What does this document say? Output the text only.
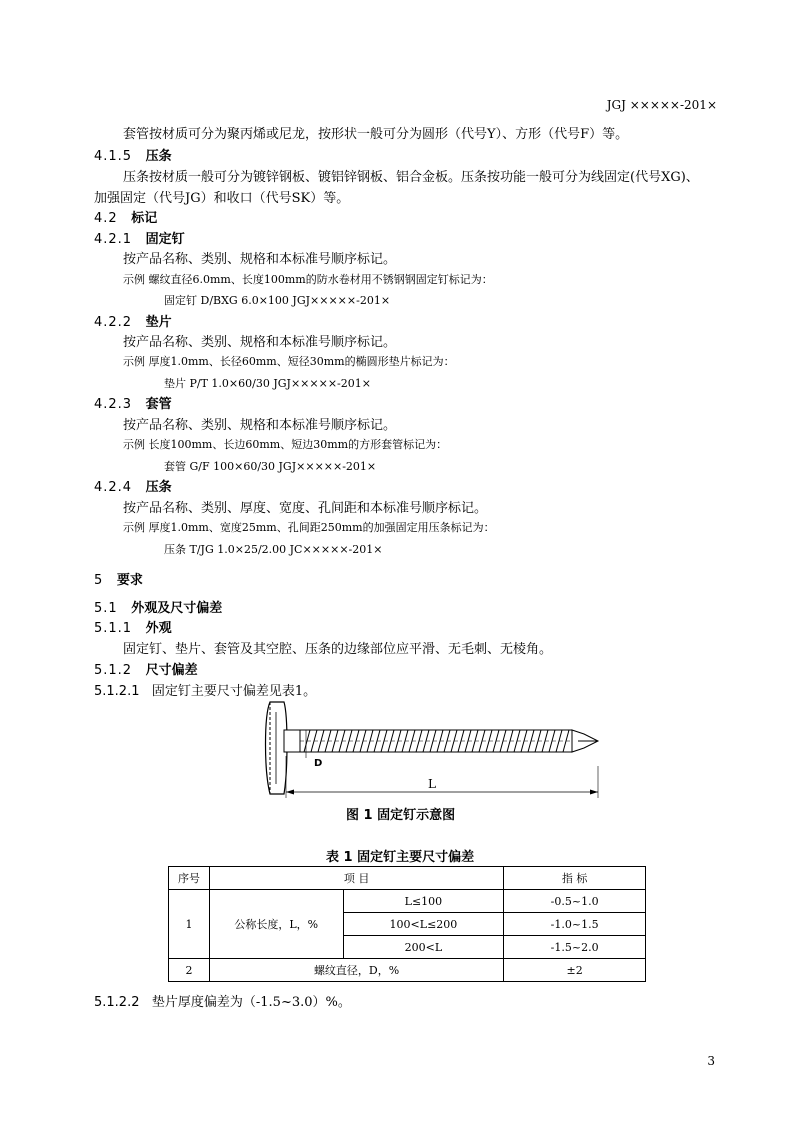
JGJ ×××××-201×
套管按材质可分为聚丙烯或尼龙，按形状一般可分为圆形（代号Y）、方形（代号F）等。
4.1.5 压条
压条按材质一般可分为镀锌钢板、镀铝锌钢板、铝合金板。压条按功能一般可分为线固定(代号XG)、
加强固定（代号JG）和收口（代号SK）等。
4.2 标记
4.2.1 固定钉
按产品名称、类别、规格和本标准号顺序标记。
示例 螺纹直径6.0mm、长度100mm的防水卷材用不锈钢钢固定钉标记为：
固定钉 D/BXG 6.0×100 JGJ×××××-201×
4.2.2 垫片
按产品名称、类别、规格和本标准号顺序标记。
示例 厚度1.0mm、长径60mm、短径30mm的椭圆形垫片标记为：
垫片 P/T 1.0×60/30 JGJ×××××-201×
4.2.3 套管
按产品名称、类别、规格和本标准号顺序标记。
示例 长度100mm、长边60mm、短边30mm的方形套管标记为：
套管 G/F 100×60/30 JGJ×××××-201×
4.2.4 压条
按产品名称、类别、厚度、宽度、孔间距和本标准号顺序标记。
示例 厚度1.0mm、宽度25mm、孔间距250mm的加强固定用压条标记为：
压条 T/JG 1.0×25/2.00 JC×××××-201×
5 要求
5.1 外观及尺寸偏差
5.1.1 外观
固定钉、垫片、套管及其空腔、压条的边缘部位应平滑、无毛刺、无棱角。
5.1.2 尺寸偏差
5.1.2.1 固定钉主要尺寸偏差见表1。
D
L
图 1 固定钉示意图
表 1 固定钉主要尺寸偏差
序号	项 目		指 标
1	公称长度，L，%	L≤100	-0.5~1.0
		100<L≤200	-1.0~1.5
		200<L	-1.5~2.0
2	螺纹直径，D，%		±2
5.1.2.2 垫片厚度偏差为（-1.5~3.0）%。
3
